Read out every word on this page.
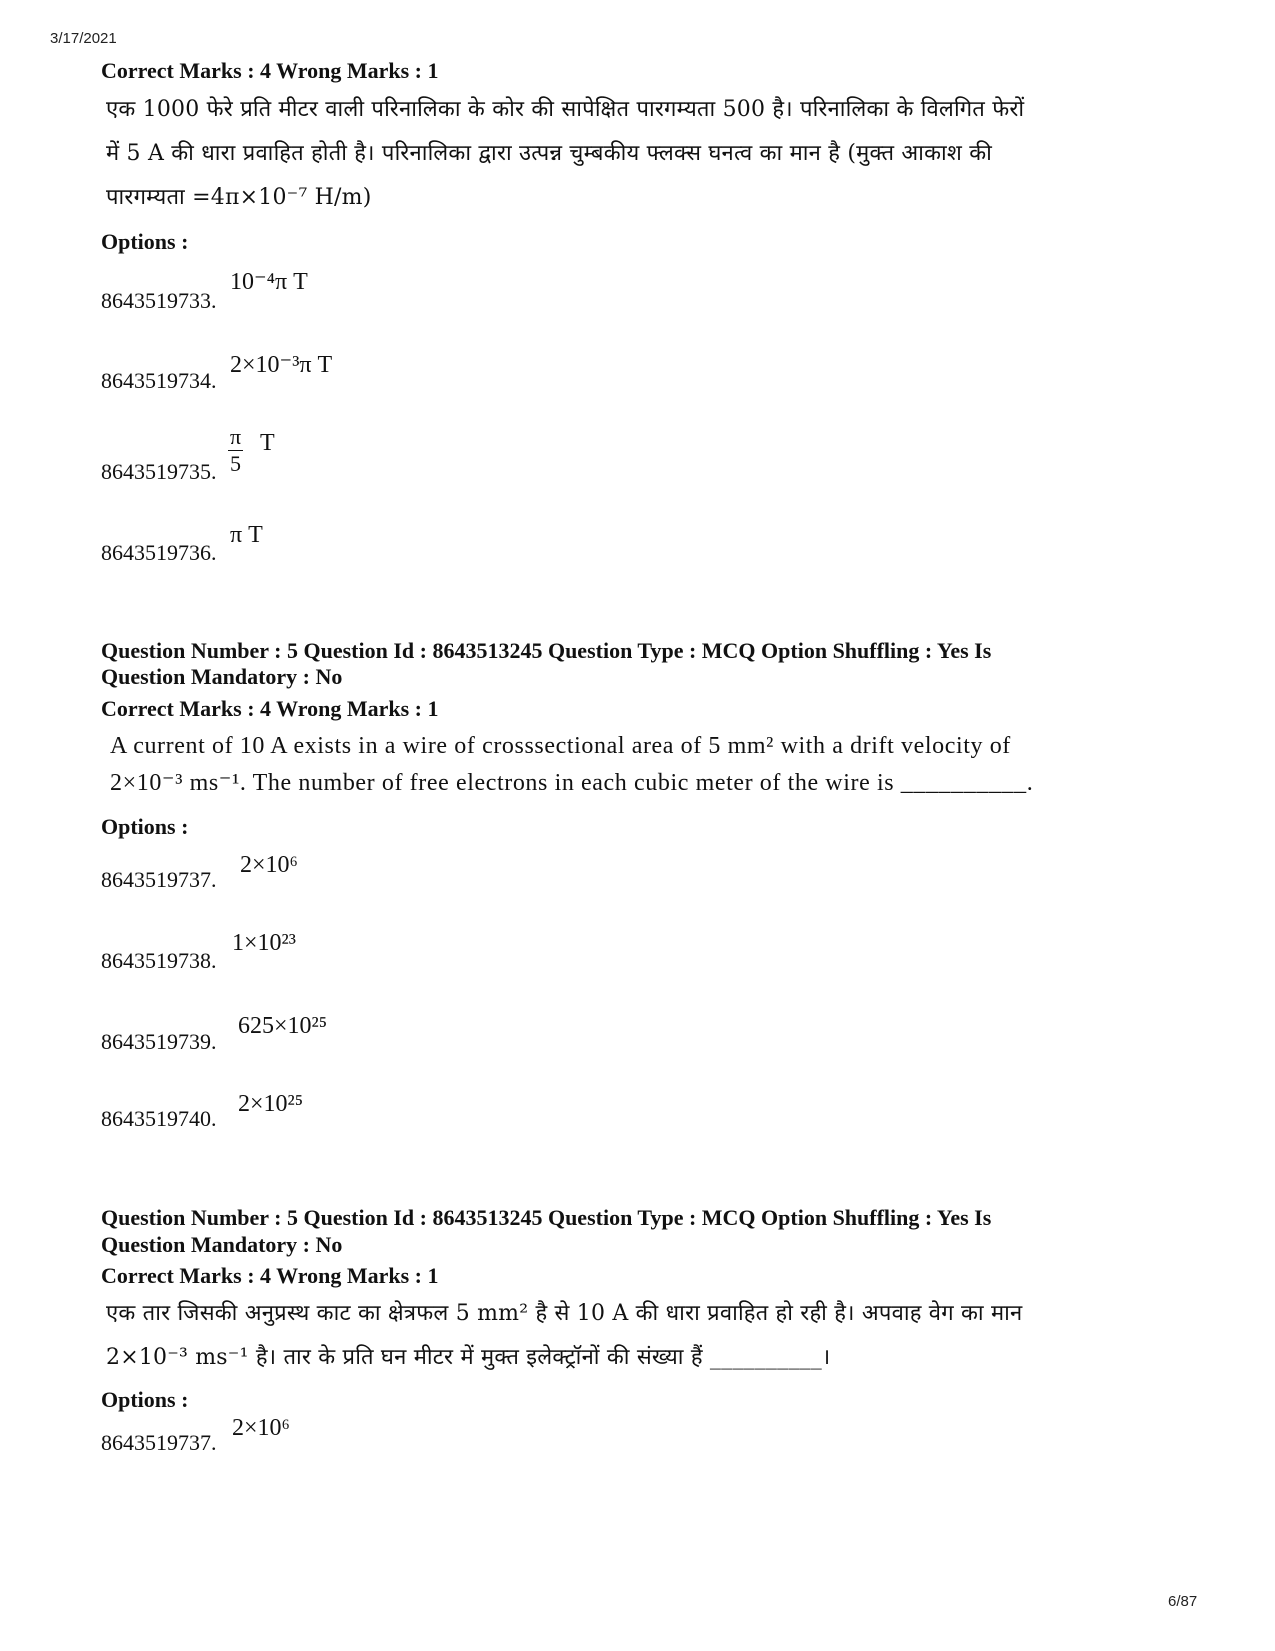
3/17/2021
Correct Marks : 4 Wrong Marks : 1
एक 1000 फेरे प्रति मीटर वाली परिनालिका के कोर की सापेक्षित पारगम्यता 500 है। परिनालिका के विलगित फेरों
में 5 A की धारा प्रवाहित होती है। परिनालिका द्वारा उत्पन्न चुम्बकीय फ्लक्स घनत्व का मान है (मुक्त आकाश की
पारगम्यता =4π×10⁻⁷ H/m)
Options :
8643519733.
10⁻⁴π T
8643519734.
2×10⁻³π T
8643519735. $\frac{\pi}{5}$ T
8643519736.
π T
Question Number : 5 Question Id : 8643513245 Question Type : MCQ Option Shuffling : Yes Is
Question Mandatory : No
Correct Marks : 4 Wrong Marks : 1
A current of 10 A exists in a wire of crosssectional area of 5 mm² with a drift velocity of
2×10⁻³ ms⁻¹. The number of free electrons in each cubic meter of the wire is __________.
Options :
8643519737.
2×10⁶
8643519738.
1×10²³
8643519739.
625×10²⁵
8643519740.
2×10²⁵
Question Number : 5 Question Id : 8643513245 Question Type : MCQ Option Shuffling : Yes Is
Question Mandatory : No
Correct Marks : 4 Wrong Marks : 1
एक तार जिसकी अनुप्रस्थ काट का क्षेत्रफल 5 mm² है से 10 A की धारा प्रवाहित हो रही है। अपवाह वेग का मान
2×10⁻³ ms⁻¹ है। तार के प्रति घन मीटर में मुक्त इलेक्ट्रॉनों की संख्या हैं __________।
Options :
8643519737.
2×10⁶
6/87
